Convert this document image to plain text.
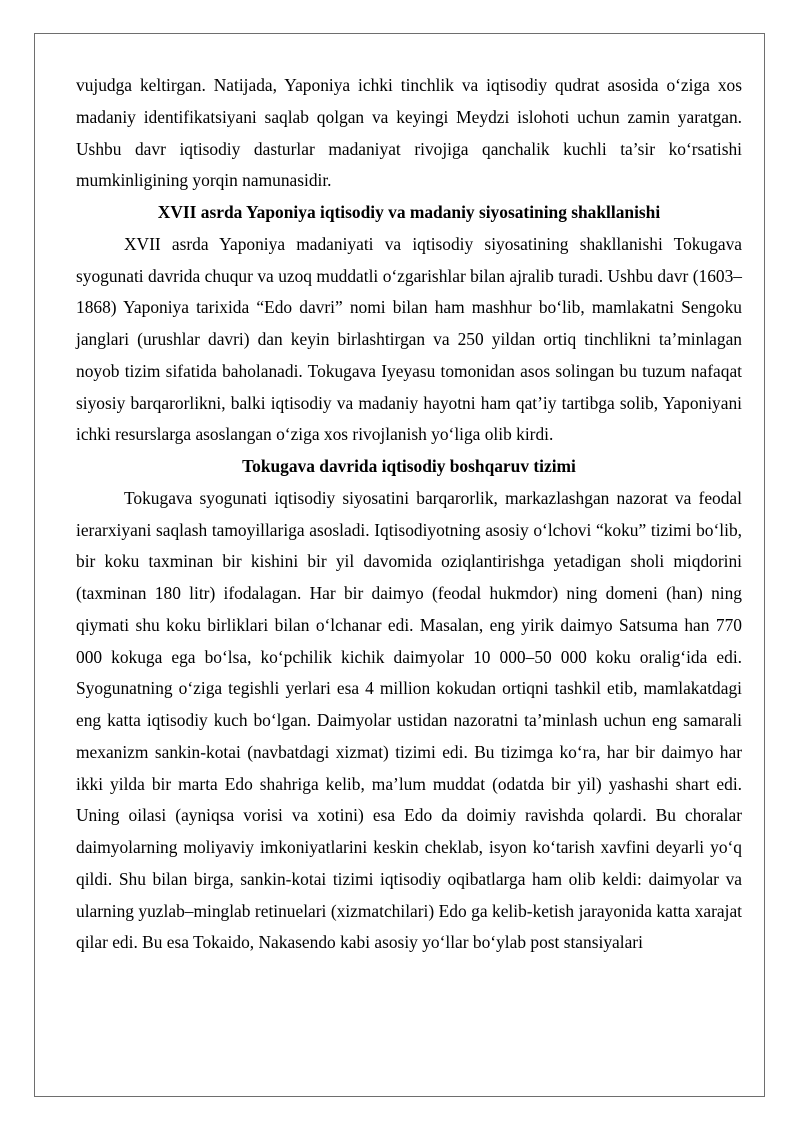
vujudga keltirgan. Natijada, Yaponiya ichki tinchlik va iqtisodiy qudrat asosida o‘ziga xos madaniy identifikatsiyani saqlab qolgan va keyingi Meydzi islohoti uchun zamin yaratgan. Ushbu davr iqtisodiy dasturlar madaniyat rivojiga qanchalik kuchli ta’sir ko‘rsatishi mumkinligining yorqin namunasidir.

XVII asrda Yaponiya iqtisodiy va madaniy siyosatining shakllanishi

XVII asrda Yaponiya madaniyati va iqtisodiy siyosatining shakllanishi Tokugava syogunati davrida chuqur va uzoq muddatli o‘zgarishlar bilan ajralib turadi. Ushbu davr (1603–1868) Yaponiya tarixida “Edo davri” nomi bilan ham mashhur bo‘lib, mamlakatni Sengoku janglari (urushlar davri) dan keyin birlashtirgan va 250 yildan ortiq tinchlikni ta’minlagan noyob tizim sifatida baholanadi. Tokugava Iyeyasu tomonidan asos solingan bu tuzum nafaqat siyosiy barqarorlikni, balki iqtisodiy va madaniy hayotni ham qat’iy tartibga solib, Yaponiyani ichki resurslarga asoslangan o‘ziga xos rivojlanish yo‘liga olib kirdi.

Tokugava davrida iqtisodiy boshqaruv tizimi

Tokugava syogunati iqtisodiy siyosatini barqarorlik, markazlashgan nazorat va feodal ierarxiyani saqlash tamoyillariga asosladi. Iqtisodiyotning asosiy o‘lchovi “koku” tizimi bo‘lib, bir koku taxminan bir kishini bir yil davomida oziqlantirishga yetadigan sholi miqdorini (taxminan 180 litr) ifodalagan. Har bir daimyo (feodal hukmdor) ning domeni (han) ning qiymati shu koku birliklari bilan o‘lchanar edi. Masalan, eng yirik daimyo Satsuma han 770 000 kokuga ega bo‘lsa, ko‘pchilik kichik daimyolar 10 000–50 000 koku oralig‘ida edi. Syogunatning o‘ziga tegishli yerlari esa 4 million kokudan ortiqni tashkil etib, mamlakatdagi eng katta iqtisodiy kuch bo‘lgan. Daimyolar ustidan nazoratni ta’minlash uchun eng samarali mexanizm sankin-kotai (navbatdagi xizmat) tizimi edi. Bu tizimga ko‘ra, har bir daimyo har ikki yilda bir marta Edo shahriga kelib, ma’lum muddat (odatda bir yil) yashashi shart edi. Uning oilasi (ayniqsa vorisi va xotini) esa Edo da doimiy ravishda qolardi. Bu choralar daimyolarning moliyaviy imkoniyatlarini keskin cheklab, isyon ko‘tarish xavfini deyarli yo‘q qildi. Shu bilan birga, sankin-kotai tizimi iqtisodiy oqibatlarga ham olib keldi: daimyolar va ularning yuzlab–minglab retinuelari (xizmatchilari) Edo ga kelib-ketish jarayonida katta xarajat qilar edi. Bu esa Tokaido, Nakasendo kabi asosiy yo‘llar bo‘ylab post stansiyalari
